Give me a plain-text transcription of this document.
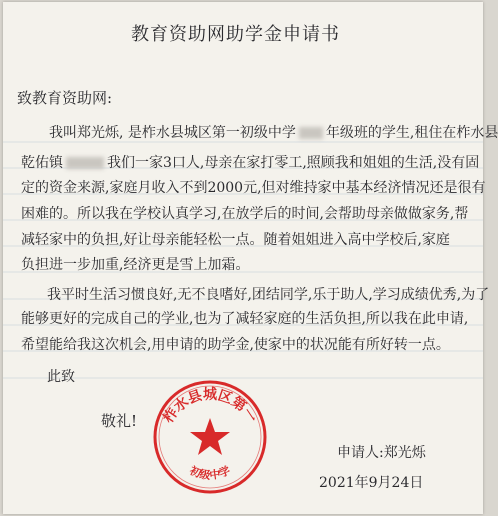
教育资助网助学金申请书
致教育资助网:
我叫郑光烁, 是柞水县城区第一初级中学 年级班的学生,租住在柞水县
乾佑镇	我们一家3口人,母亲在家打零工,照顾我和姐姐的生活,没有固
定的资金来源,家庭月收入不到2000元,但对维持家中基本经济情况还是很有
困难的。所以我在学校认真学习,在放学后的时间,会帮助母亲做做家务,帮
减轻家中的负担,好让母亲能轻松一点。随着姐姐进入高中学校后,家庭
负担进一步加重,经济更是雪上加霜。
我平时生活习惯良好,无不良嗜好,团结同学,乐于助人,学习成绩优秀,为了
能够更好的完成自己的学业,也为了减轻家庭的生活负担,所以我在此申请,
希望能给我这次机会,用申请的助学金,使家中的状况能有所好转一点。
此致
敬礼! 柞水县城区第一
初级中学
申请人:郑光烁
2021年9月24日
